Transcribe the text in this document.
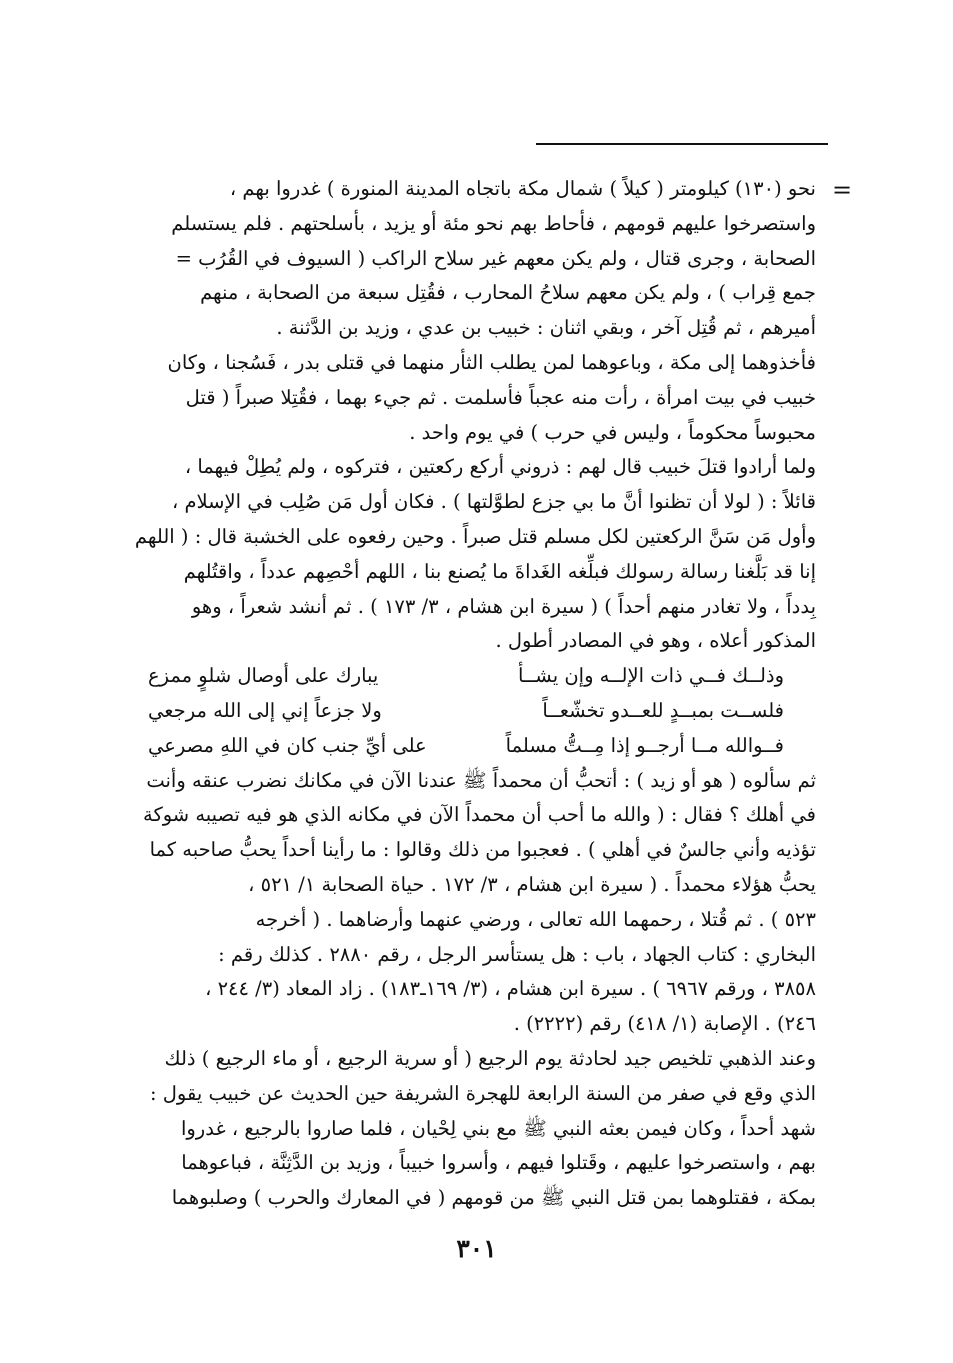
=
نحو (١٣٠) كيلومتر ( كيلاً ) شمال مكة باتجاه المدينة المنورة ) غدروا بهم ،
واستصرخوا عليهم قومهم ، فأحاط بهم نحو مئة أو يزيد ، بأسلحتهم . فلم يستسلم
الصحابة ، وجرى قتال ، ولم يكن معهم غير سلاح الراكب ( السيوف في القُرُب =
جمع قِراب ) ، ولم يكن معهم سلاحُ المحارب ، فقُتِل سبعة من الصحابة ، منهم
أميرهم ، ثم قُتِل آخر ، وبقي اثنان : خبيب بن عدي ، وزيد بن الدَّثنة .
فأخذوهما إلى مكة ، وباعوهما لمن يطلب الثأر منهما في قتلى بدر ، فَسُجنا ، وكان
خبيب في بيت امرأة ، رأت منه عجباً فأسلمت . ثم جيء بهما ، فقُتِلا صبراً ( قتل
محبوساً محكوماً ، وليس في حرب ) في يوم واحد .
ولما أرادوا قتلَ خبيب قال لهم : ذروني أركع ركعتين ، فتركوه ، ولم يُطِلْ فيهما ،
قائلاً : ( لولا أن تظنوا أنَّ ما بي جزع لطوَّلتها ) . فكان أول مَن صُلِب في الإسلام ،
وأول مَن سَنَّ الركعتين لكل مسلم قتل صبراً . وحين رفعوه على الخشبة قال : ( اللهم
إنا قد بَلَّغنا رسالة رسولك فبلِّغه الغَداةَ ما يُصنع بنا ، اللهم أحْصِهم عدداً ، واقتُلهم
بِدداً ، ولا تغادر منهم أحداً ) ( سيرة ابن هشام ، ٣/ ١٧٣ ) . ثم أنشد شعراً ، وهو
المذكور أعلاه ، وهو في المصادر أطول .
وذلــك فــي ذات الإلــه وإن يشــأ
يبارك على أوصال شلوٍ ممزع
فلســت بمبــدٍ للعــدو تخشّعــاً
ولا جزعاً إني إلى الله مرجعي
فــوالله مــا أرجــو إذا مِــتُّ مسلماً
على أيِّ جنب كان في اللهِ مصرعي
ثم سألوه ( هو أو زيد ) : أتحبُّ أن محمداً ﷺ عندنا الآن في مكانك نضرب عنقه وأنت
في أهلك ؟ فقال : ( والله ما أحب أن محمداً الآن في مكانه الذي هو فيه تصيبه شوكة
تؤذيه وأني جالسٌ في أهلي ) . فعجبوا من ذلك وقالوا : ما رأينا أحداً يحبُّ صاحبه كما
يحبُّ هؤلاء محمداً . ( سيرة ابن هشام ، ٣/ ١٧٢ . حياة الصحابة ١/ ٥٢١ ،
٥٢٣ ) . ثم قُتلا ، رحمهما الله تعالى ، ورضي عنهما وأرضاهما . ( أخرجه
البخاري : كتاب الجهاد ، باب : هل يستأسر الرجل ، رقم ٢٨٨٠ . كذلك رقم :
٣٨٥٨ ، ورقم ٦٩٦٧ ) . سيرة ابن هشام ، (٣/ ١٦٩ـ١٨٣) . زاد المعاد (٣/ ٢٤٤ ،
٢٤٦) . الإصابة (١/ ٤١٨) رقم (٢٢٢٢) .
وعند الذهبي تلخيص جيد لحادثة يوم الرجيع ( أو سرية الرجيع ، أو ماء الرجيع ) ذلك
الذي وقع في صفر من السنة الرابعة للهجرة الشريفة حين الحديث عن خبيب يقول :
شهد أحداً ، وكان فيمن بعثه النبي ﷺ مع بني لِحْيان ، فلما صاروا بالرجيع ، غدروا
بهم ، واستصرخوا عليهم ، وقَتلوا فيهم ، وأسروا خبيباً ، وزيد بن الدَّثِنَّة ، فباعوهما
بمكة ، فقتلوهما بمن قتل النبي ﷺ من قومهم ( في المعارك والحرب ) وصلبوهما
٣٠١
